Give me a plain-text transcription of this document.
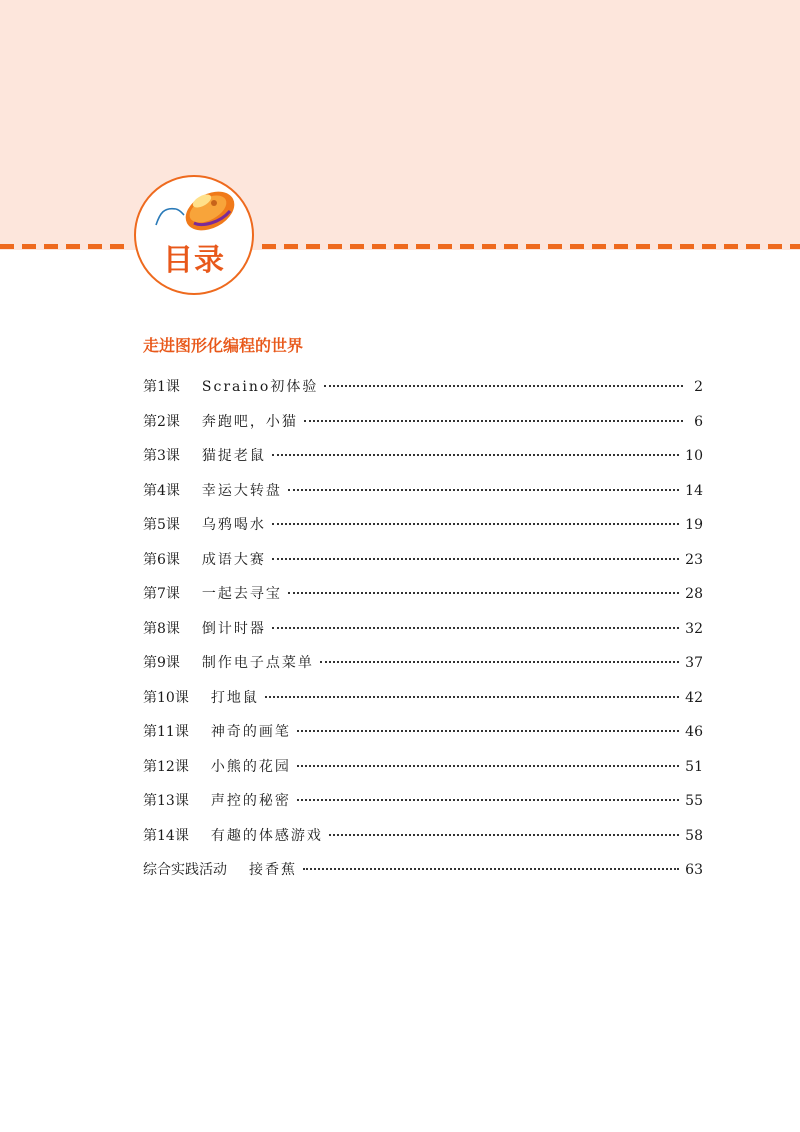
目录
走进图形化编程的世界
第1课 Scraino初体验	2
第2课 奔跑吧，小猫	6
第3课 猫捉老鼠	10
第4课 幸运大转盘	14
第5课 乌鸦喝水	19
第6课 成语大赛	23
第7课 一起去寻宝	28
第8课 倒计时器	32
第9课 制作电子点菜单	37
第10课 打地鼠	42
第11课 神奇的画笔	46
第12课 小熊的花园	51
第13课 声控的秘密	55
第14课 有趣的体感游戏	58
综合实践活动 接香蕉	63
